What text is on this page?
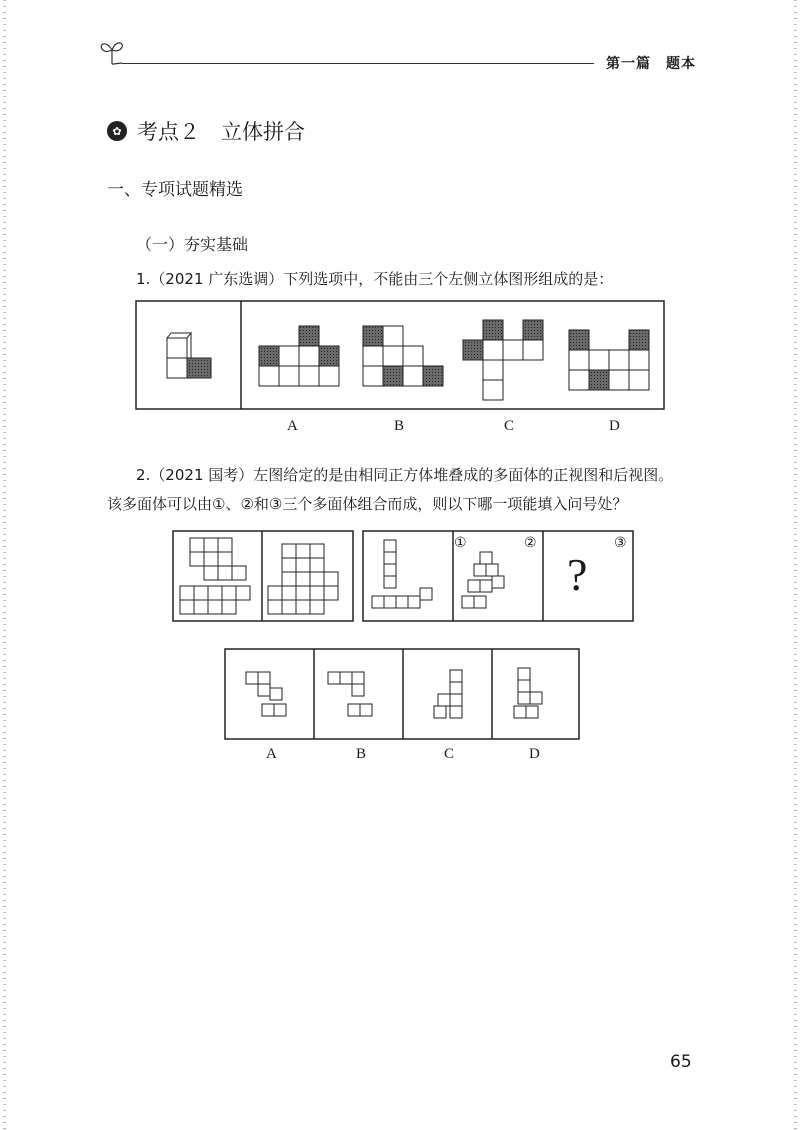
第一篇　题本
✿ 考点２　立体拼合
一、专项试题精选
（一）夯实基础
1.（2021 广东选调）下列选项中，不能由三个左侧立体图形组成的是：
A	B	C	D
2.（2021 国考）左图给定的是由相同正方体堆叠成的多面体的正视图和后视图。
该多面体可以由①、②和③三个多面体组合而成，则以下哪一项能填入问号处？
①	②	③
?
A	B	C	D
65
